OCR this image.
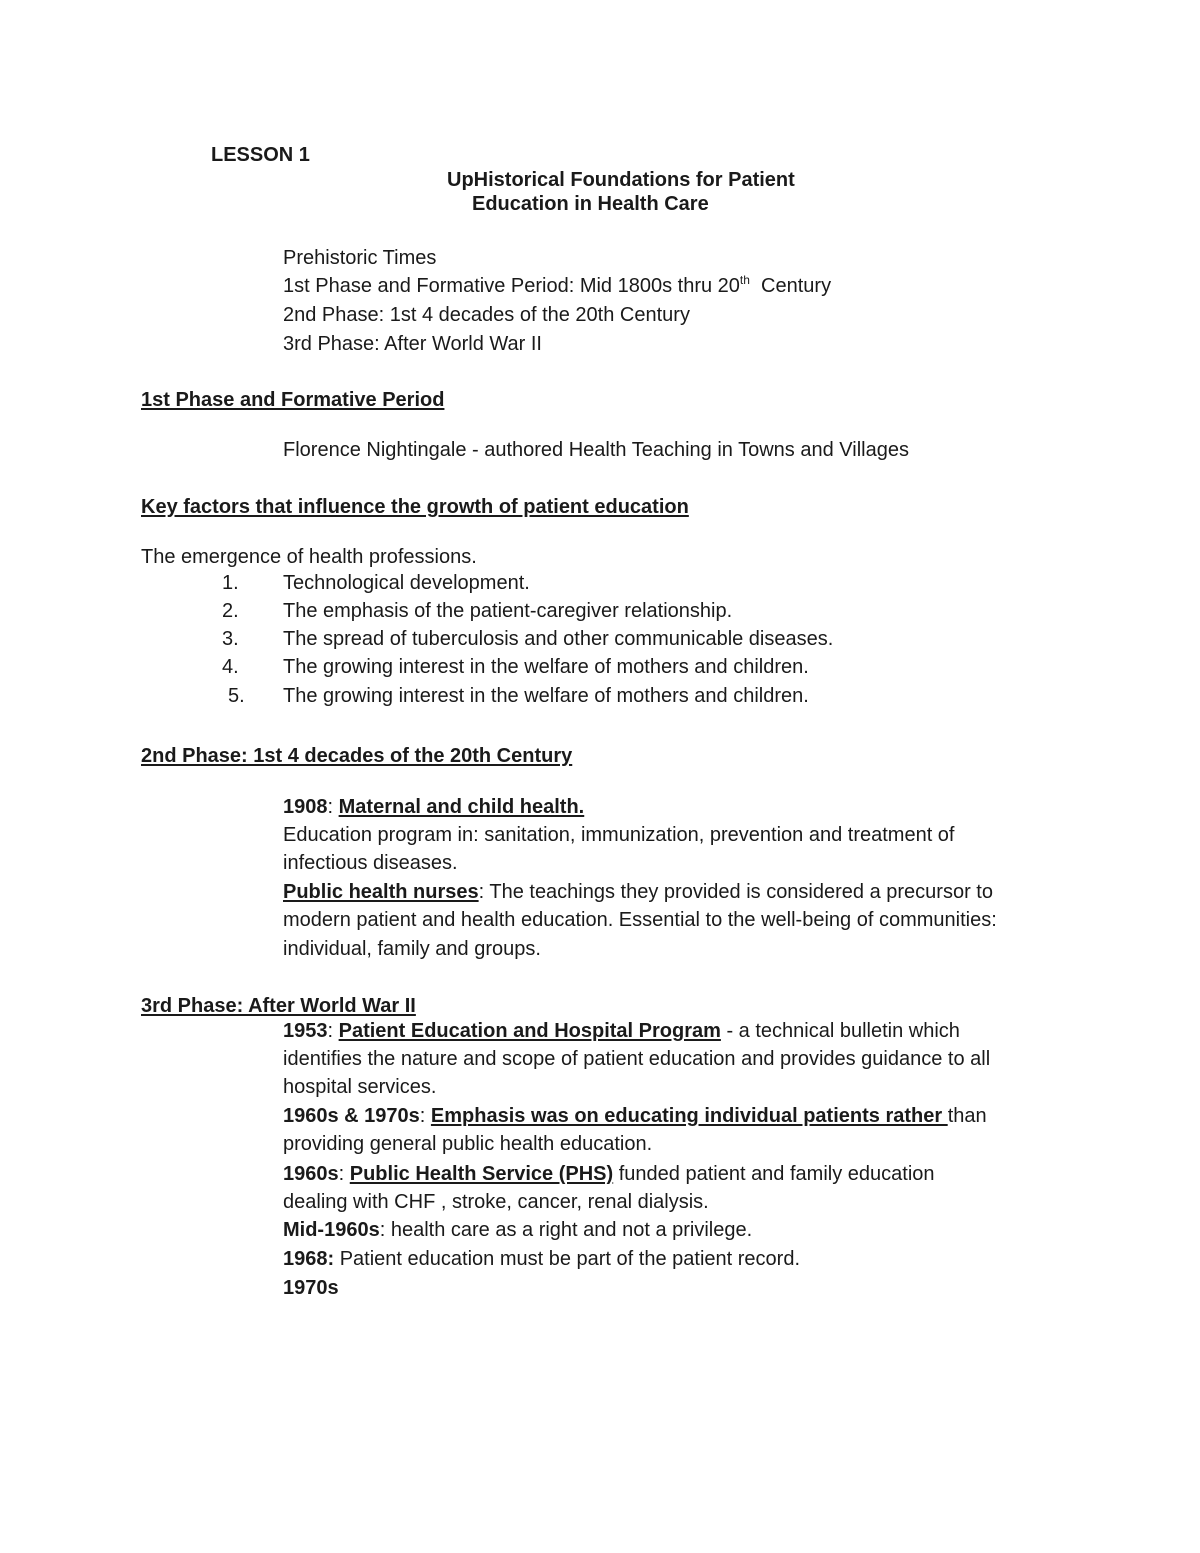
LESSON 1
UpHistorical Foundations for Patient
Education in Health Care
Prehistoric Times
1st Phase and Formative Period: Mid 1800s thru 20th  Century
2nd Phase: 1st 4 decades of the 20th Century
3rd Phase: After World War II
1st Phase and Formative Period
Florence Nightingale - authored Health Teaching in Towns and Villages
Key factors that influence the growth of patient education
The emergence of health professions.
1. Technological development.
2. The emphasis of the patient-caregiver relationship.
3. The spread of tuberculosis and other communicable diseases.
4. The growing interest in the welfare of mothers and children.
5. The growing interest in the welfare of mothers and children.
2nd Phase: 1st 4 decades of the 20th Century
1908: Maternal and child health.
Education program in: sanitation, immunization, prevention and treatment of
infectious diseases.
Public health nurses: The teachings they provided is considered a precursor to
modern patient and health education. Essential to the well-being of communities:
individual, family and groups.
3rd Phase: After World War II
1953: Patient Education and Hospital Program - a technical bulletin which
identifies the nature and scope of patient education and provides guidance to all
hospital services.
1960s & 1970s: Emphasis was on educating individual patients rather than
providing general public health education.
1960s: Public Health Service (PHS) funded patient and family education
dealing with CHF , stroke, cancer, renal dialysis.
Mid-1960s: health care as a right and not a privilege.
1968: Patient education must be part of the patient record.
1970s
